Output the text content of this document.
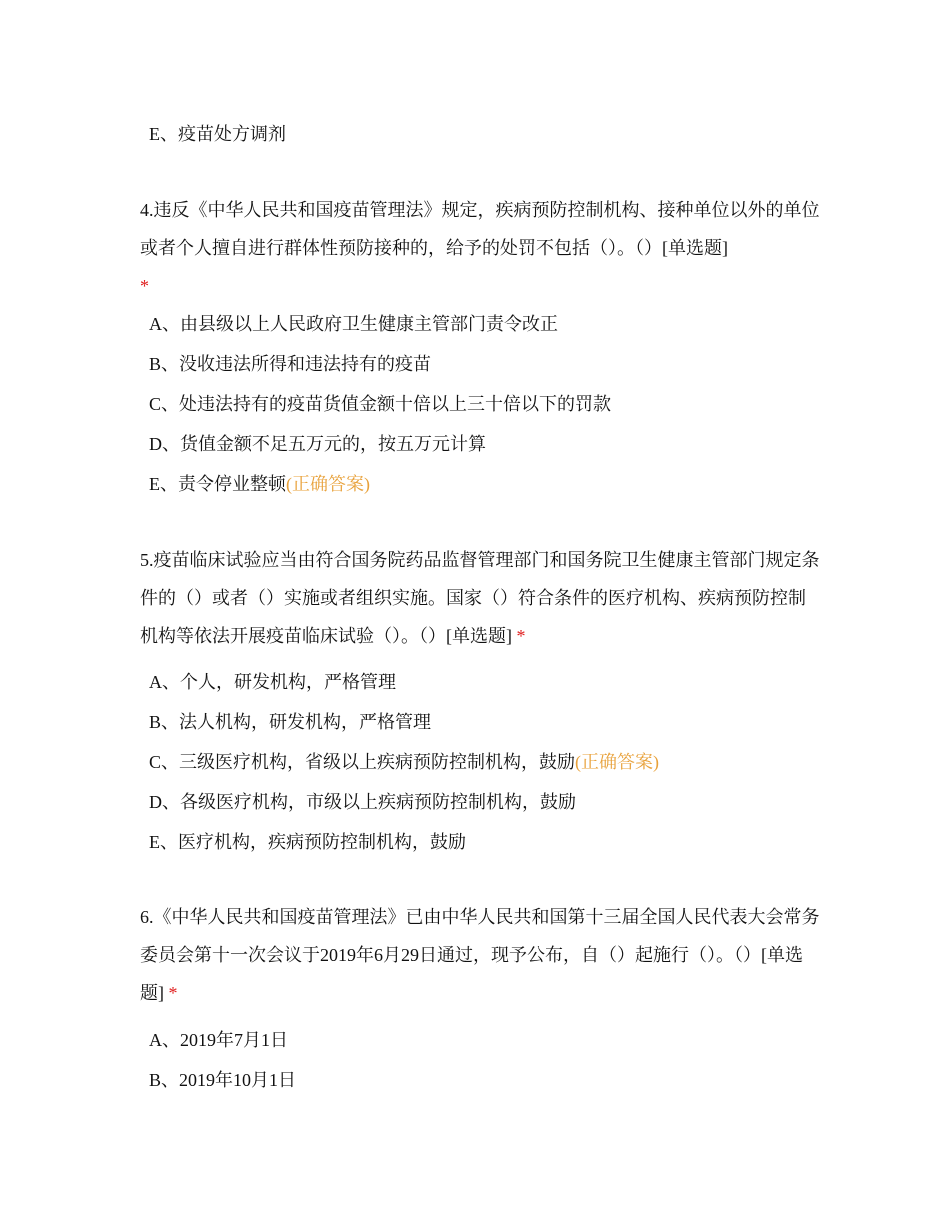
E、疫苗处方调剂
4.违反《中华人民共和国疫苗管理法》规定，疾病预防控制机构、接种单位以外的单位或者个人擅自进行群体性预防接种的，给予的处罚不包括（）。（）[单选题]
*
A、由县级以上人民政府卫生健康主管部门责令改正
B、没收违法所得和违法持有的疫苗
C、处违法持有的疫苗货值金额十倍以上三十倍以下的罚款
D、货值金额不足五万元的，按五万元计算
E、责令停业整顿(正确答案)
5.疫苗临床试验应当由符合国务院药品监督管理部门和国务院卫生健康主管部门规定条件的（）或者（）实施或者组织实施。国家（）符合条件的医疗机构、疾病预防控制机构等依法开展疫苗临床试验（）。（）[单选题] *
A、个人，研发机构，严格管理
B、法人机构，研发机构，严格管理
C、三级医疗机构，省级以上疾病预防控制机构，鼓励(正确答案)
D、各级医疗机构，市级以上疾病预防控制机构，鼓励
E、医疗机构，疾病预防控制机构，鼓励
6.《中华人民共和国疫苗管理法》已由中华人民共和国第十三届全国人民代表大会常务委员会第十一次会议于2019年6月29日通过，现予公布，自（）起施行（）。（）[单选题] *
A、2019年7月1日
B、2019年10月1日
